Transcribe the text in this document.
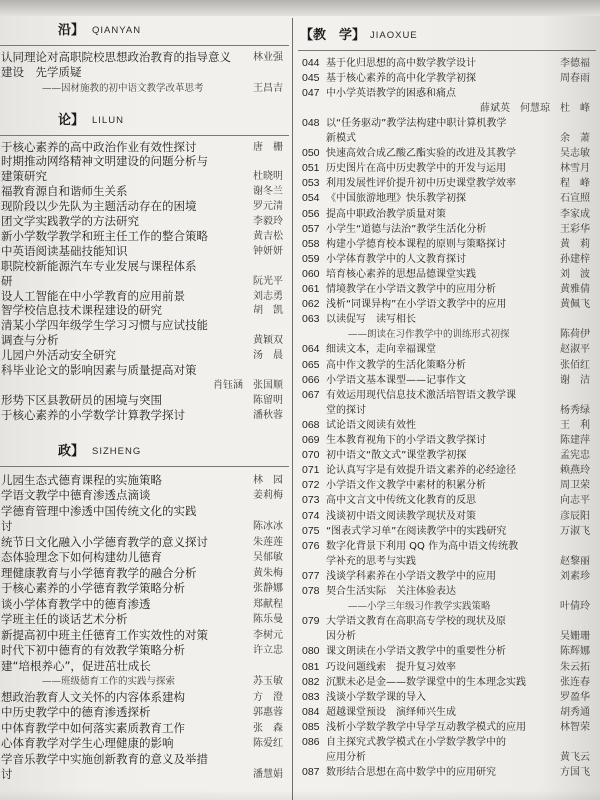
沿】 QIANYAN
认同理论对高职院校思想政治教育的指导意义 林业强
建设　先学质疑
——因材施教的初中语文教学改革思考	王昌吉
论】 LILUN
于核心素养的高中政治作业有效性探讨	唐　栅
时期推动网络精神文明建设的问题分析与
建策研究	杜晓明
福教育源自和谐师生关系	谢冬兰
现阶段以少先队为主题活动存在的困境	罗元清
团文学实践教学的方法研究	李毅玲
新小学数学教学和班主任工作的整合策略	黄吉松
中英语阅读基础技能知识	钟妍妍
职院校新能源汽车专业发展与课程体系
研	阮光平
设人工智能在中小学教育的应用前景	刘志勇
智学校信息技术课程建设的研究	胡　凯
清某小学四年级学生学习习惯与应试技能
调查与分析	黄颖双
儿园户外活动安全研究	汤　晨
科毕业论文的影响因素与质量提高对策
肖钰涵　张国顺
形势下区县教研员的困境与突围	陈留明
于核心素养的小学数学计算教学探讨	潘秋蓉
政】 SIZHENG
儿园生态式德育课程的实施策略	林　园
学语文教学中德育渗透点滴谈	姜莉梅
学德育管理中渗透中国传统文化的实践
讨	陈冰冰
统节日文化融入小学德育教学的意义探讨	朱莲莲
态体验理念下如何构建幼儿德育	吴郁敏
理健康教育与小学德育教学的融合分析	黄朱梅
于核心素养的小学德育教学策略分析	张静娜
谈小学体育教学中的德育渗透	郑献程
学班主任的谈话艺术分析	陈乐曼
新提高初中班主任德育工作实效性的对策	李树元
时代下初中德育的有效教学策略分析	许立忠
建“培根养心”，促进茁壮成长
——班级德育工作的实践与探索	苏玉敏
想政治教育人文关怀的内容体系建构	方　澄
中历史教学中的德育渗透探析	郭惠蓉
中体育教学中如何落实素质教育工作	张　森
心体育教学对学生心理健康的影响	陈爱红
学音乐教学中实施创新教育的意义及举措
讨	潘慧娟
【教　学】 JIAOXUE
044 基于化归思想的高中数学教学设计	李德福
045 基于核心素养的高中化学教学初探	周春雨
047 中小学英语教学的困惑和痛点
薛斌英　何慧琼　杜　峰
048 以“任务驱动”教学法构建中职计算机教学
新模式	余　萧
050 快速高效合成乙酸乙酯实验的改进及其教学	吴志敏
051 历史图片在高中历史教学中的开发与运用	林雪月
053 利用发展性评价提升初中历史课堂教学效率	程　峰
054 《中国旅游地理》快乐教学初探	石宣照
056 提高中职政治教学质量对策	李家成
057 小学生“道德与法治”教学生活化分析	王彩华
058 构建小学德育校本课程的原则与策略探讨	黄　莉
059 小学体育教学中的人文教育探讨	孙建梓
060 培育核心素养的思想品德课堂实践	刘　波
061 情境教学在小学语文教学中的应用分析	黄雅倩
062 浅析“同课异构”在小学语文教学中的应用	黄佩飞
063 以读促写　读写相长
——朗读在习作教学中的训练形式初探	陈荷伊
064 细读文本，走向幸福课堂	赵淑平
065 高中作文教学的生活化策略分析	张佰红
066 小学语文基本课型——记事作文	谢　洁
067 有效运用现代信息技术激活培智语文教学课
堂的探讨	杨秀绿
068 试论语文阅读有效性	王　利
069 生本教育视角下的小学语文教学探讨	陈建萍
070 初中语文“散文式”课堂教学初探	孟宪忠
071 论认真写字是有效提升语文素养的必经途径	赖燕玲
072 小学语文作文教学中素材的积累分析	周卫荣
073 高中文言文中传统文化教育的反思	向志平
074 浅谈初中语文阅读教学现状及对策	彦辰阳
075 “图表式学习单”在阅读教学中的实践研究	万淑飞
076 数字化背景下利用 QQ 作为高中语文传统教
学补充的思考与实践	赵黎丽
077 浅谈学科素养在小学语文教学中的应用	刘素珍
078 契合生活实际　关注体验表达
——小学三年级习作教学实践策略	叶倩玲
079 大学语文教育在高职高专学校的现状及原
因分析	吴姗珊
080 课文朗读在小学语文教学中的重要性分析	陈辉娜
081 巧设问题线索　提升复习效率	朱云拓
082 沉默未必是金——数学课堂中的生本理念实践	张连春
083 浅谈小学数学课的导入	罗盈华
084 超越课堂预设　演绎师兴生成	胡秀通
085 浅析小学数学教学中导学互动教学模式的应用	林智荣
086 自主探究式教学模式在小学数学教学中的
应用分析	黄飞云
087 数形结合思想在高中数学中的应用研究	方国飞
